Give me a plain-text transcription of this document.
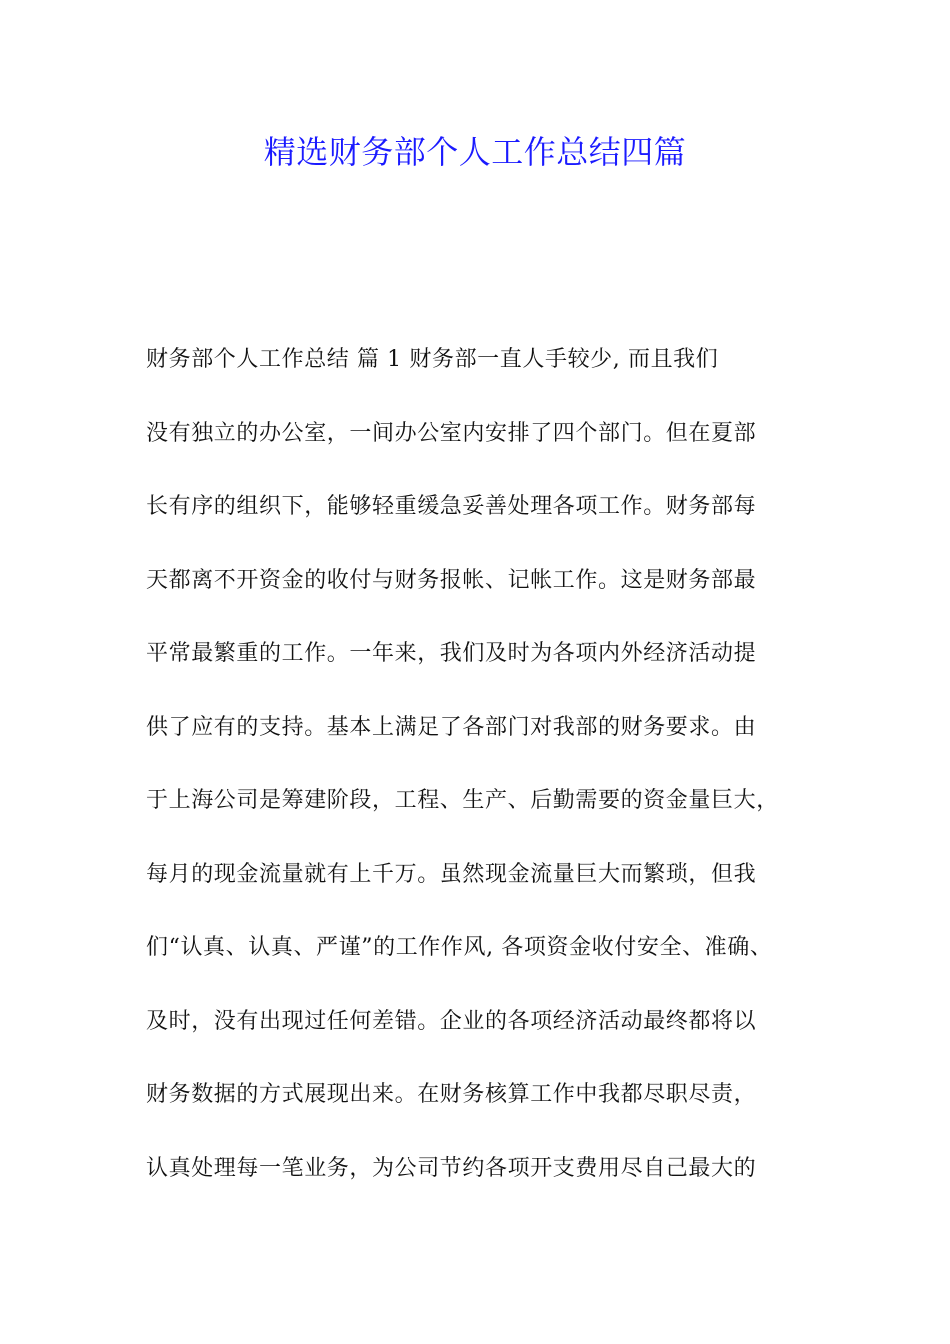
精选财务部个人工作总结四篇
财务部个人工作总结 篇 1 财务部一直人手较少, 而且我们
没有独立的办公室，一间办公室内安排了四个部门。但在夏部
长有序的组织下，能够轻重缓急妥善处理各项工作。财务部每
天都离不开资金的收付与财务报帐、记帐工作。这是财务部最
平常最繁重的工作。一年来，我们及时为各项内外经济活动提
供了应有的支持。基本上满足了各部门对我部的财务要求。由
于上海公司是筹建阶段，工程、生产、后勤需要的资金量巨大，
每月的现金流量就有上千万。虽然现金流量巨大而繁琐，但我
们“认真、认真、严谨”的工作作风, 各项资金收付安全、准确、
及时，没有出现过任何差错。企业的各项经济活动最终都将以
财务数据的方式展现出来。在财务核算工作中我都尽职尽责，
认真处理每一笔业务，为公司节约各项开支费用尽自己最大的
